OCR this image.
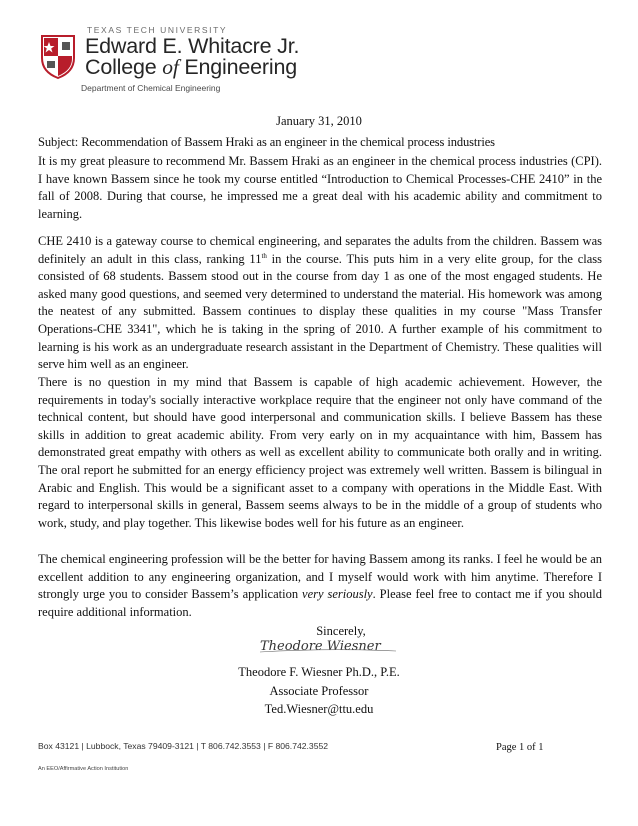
TEXAS TECH UNIVERSITY
Edward E. Whitacre Jr.
College of Engineering
Department of Chemical Engineering
January 31, 2010
Subject: Recommendation of Bassem Hraki as an engineer in the chemical process industries

It is my great pleasure to recommend Mr. Bassem Hraki as an engineer in the chemical process industries (CPI). I have known Bassem since he took my course entitled “Introduction to Chemical Processes-CHE 2410” in the fall of 2008. During that course, he impressed me a great deal with his academic ability and commitment to learning.

CHE 2410 is a gateway course to chemical engineering, and separates the adults from the children. Bassem was definitely an adult in this class, ranking 11th in the course. This puts him in a very elite group, for the class consisted of 68 students. Bassem stood out in the course from day 1 as one of the most engaged students. He asked many good questions, and seemed very determined to understand the material. His homework was among the neatest of any submitted. Bassem continues to display these qualities in my course "Mass Transfer Operations-CHE 3341", which he is taking in the spring of 2010. A further example of his commitment to learning is his work as an undergraduate research assistant in the Department of Chemistry. These qualities will serve him well as an engineer.

There is no question in my mind that Bassem is capable of high academic achievement. However, the requirements in today's socially interactive workplace require that the engineer not only have command of the technical content, but should have good interpersonal and communication skills. I believe Bassem has these skills in addition to great academic ability. From very early on in my acquaintance with him, Bassem has demonstrated great empathy with others as well as excellent ability to communicate both orally and in writing. The oral report he submitted for an energy efficiency project was extremely well written. Bassem is bilingual in Arabic and English. This would be a significant asset to a company with operations in the Middle East. With regard to interpersonal skills in general, Bassem seems always to be in the middle of a group of students who work, study, and play together. This likewise bodes well for his future as an engineer.

The chemical engineering profession will be the better for having Bassem among its ranks. I feel he would be an excellent addition to any engineering organization, and I myself would work with him anytime. Therefore I strongly urge you to consider Bassem’s application very seriously. Please feel free to contact me if you should require additional information.

Sincerely,
Theodore Wiesner
Theodore F. Wiesner Ph.D., P.E.
Associate Professor
Ted.Wiesner@ttu.edu
Box 43121 | Lubbock, Texas 79409-3121 | T 806.742.3553 | F 806.742.3552	Page 1 of 1
An EEO/Affirmative Action Institution
